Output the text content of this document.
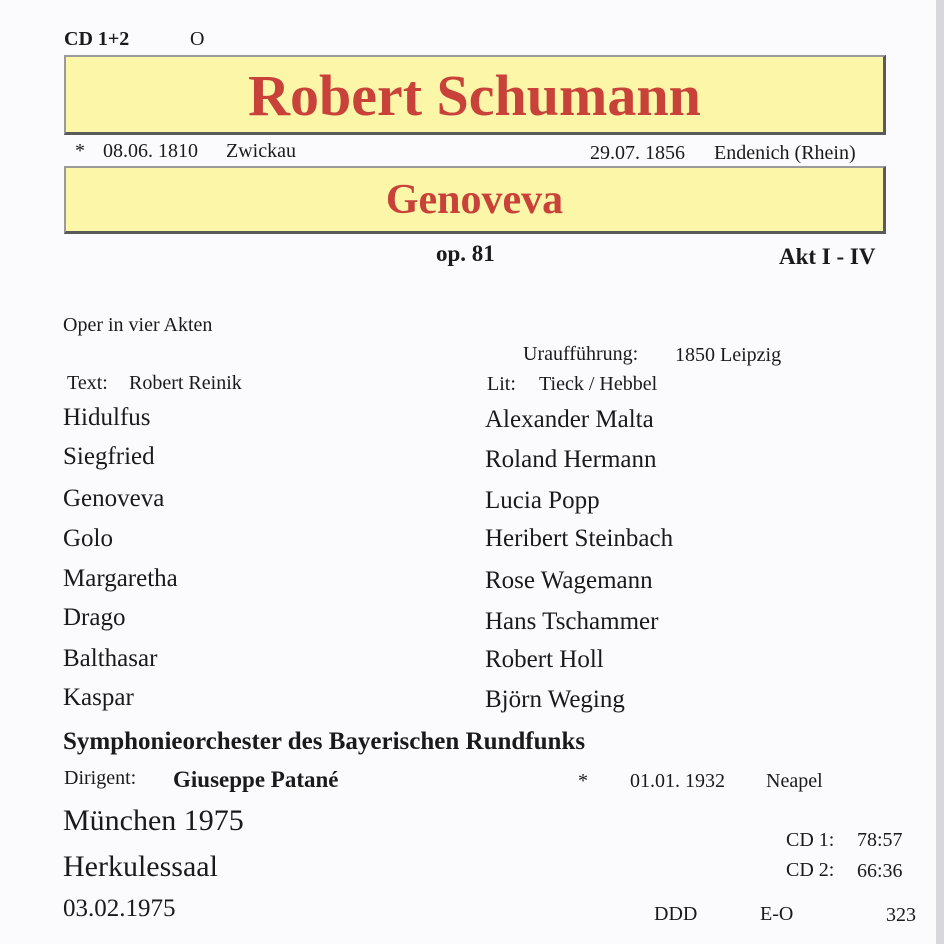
CD 1+2	O
Robert Schumann
* 08.06. 1810 Zwickau	29.07. 1856 Endenich (Rhein)
Genoveva
op. 81	Akt I - IV
Oper in vier Akten
Uraufführung: 1850 Leipzig
Text: Robert Reinik	Lit: Tieck / Hebbel
Hidulfus	Alexander Malta
Siegfried	Roland Hermann
Genoveva	Lucia Popp
Golo	Heribert Steinbach
Margaretha	Rose Wagemann
Drago	Hans Tschammer
Balthasar	Robert Holl
Kaspar	Björn Weging
Symphonieorchester des Bayerischen Rundfunks
Dirigent: Giuseppe Patané	* 01.01. 1932 Neapel
München 1975
Herkulessaal
03.02.1975
CD 1: 78:57
CD 2: 66:36
DDD	E-O	323
